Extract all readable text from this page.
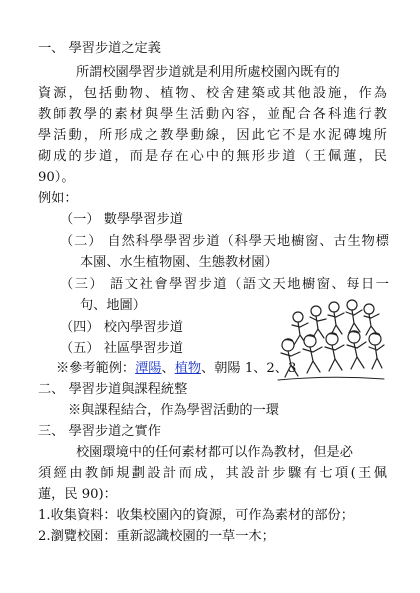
一、 學習步道之定義
所謂校園學習步道就是利用所處校園內既有的
資源，包括動物、植物、校舍建築或其他設施，作為
教師教學的素材與學生活動內容，並配合各科進行教
學活動，所形成之教學動線，因此它不是水泥磚塊所
砌成的步道，而是存在心中的無形步道（王佩蓮，民
90）。
例如：
（一） 數學學習步道
（二） 自然科學學習步道（科學天地櫥窗、古生物標
本園、水生植物園、生態教材園）
（三） 語文社會學習步道（語文天地櫥窗、每日一
句、地圖）
（四） 校內學習步道
（五） 社區學習步道
※參考範例：潭陽、植物、朝陽 1、2、3
二、 學習步道與課程統整
※與課程結合，作為學習活動的一環
三、 學習步道之實作
校園環境中的任何素材都可以作為教材，但是必
須經由教師規劃設計而成，其設計步驟有七項(王佩
蓮，民 90)：
1.收集資料：收集校園內的資源，可作為素材的部份；
2.瀏覽校園：重新認識校園的一草一木；
